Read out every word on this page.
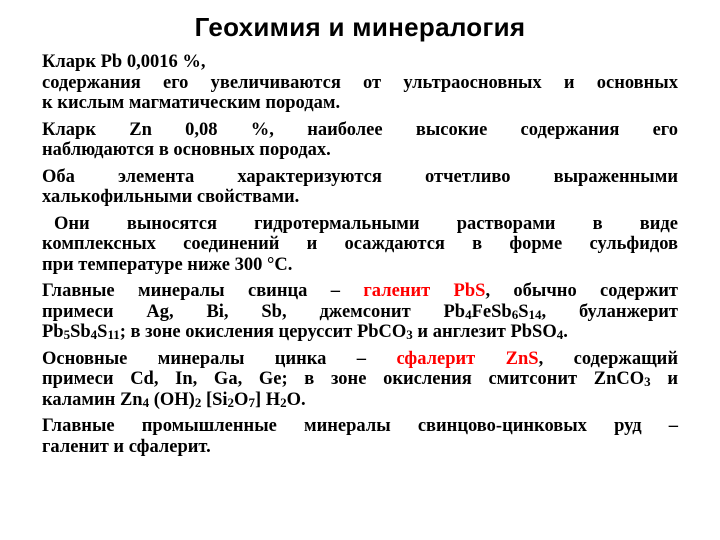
Геохимия и минералогия
Кларк Pb 0,0016 %,
содержания его увеличиваются от ультраосновных и основных
к кислым магматическим породам.
Кларк Zn 0,08 %, наиболее высокие содержания его
наблюдаются в основных породах.
Оба элемента характеризуются отчетливо выраженными
халькофильными свойствами.
Они выносятся гидротермальными растворами в виде
комплексных соединений и осаждаются в форме сульфидов
при температуре ниже 300 °С.
Главные минералы свинца – галенит PbS, обычно содержит
примеси Ag, Bi, Sb, джемсонит Pb4FeSb6S14, буланжерит
Pb5Sb4S11; в зоне окисления церуссит PbCO3 и англезит PbSO4.
Основные минералы цинка – сфалерит ZnS, содержащий
примеси Cd, In, Ga, Ge; в зоне окисления смитсонит ZnCO3 и
каламин Zn4 (OH)2 [Si2O7] H2O.
Главные промышленные минералы свинцово-цинковых руд –
галенит и сфалерит.
